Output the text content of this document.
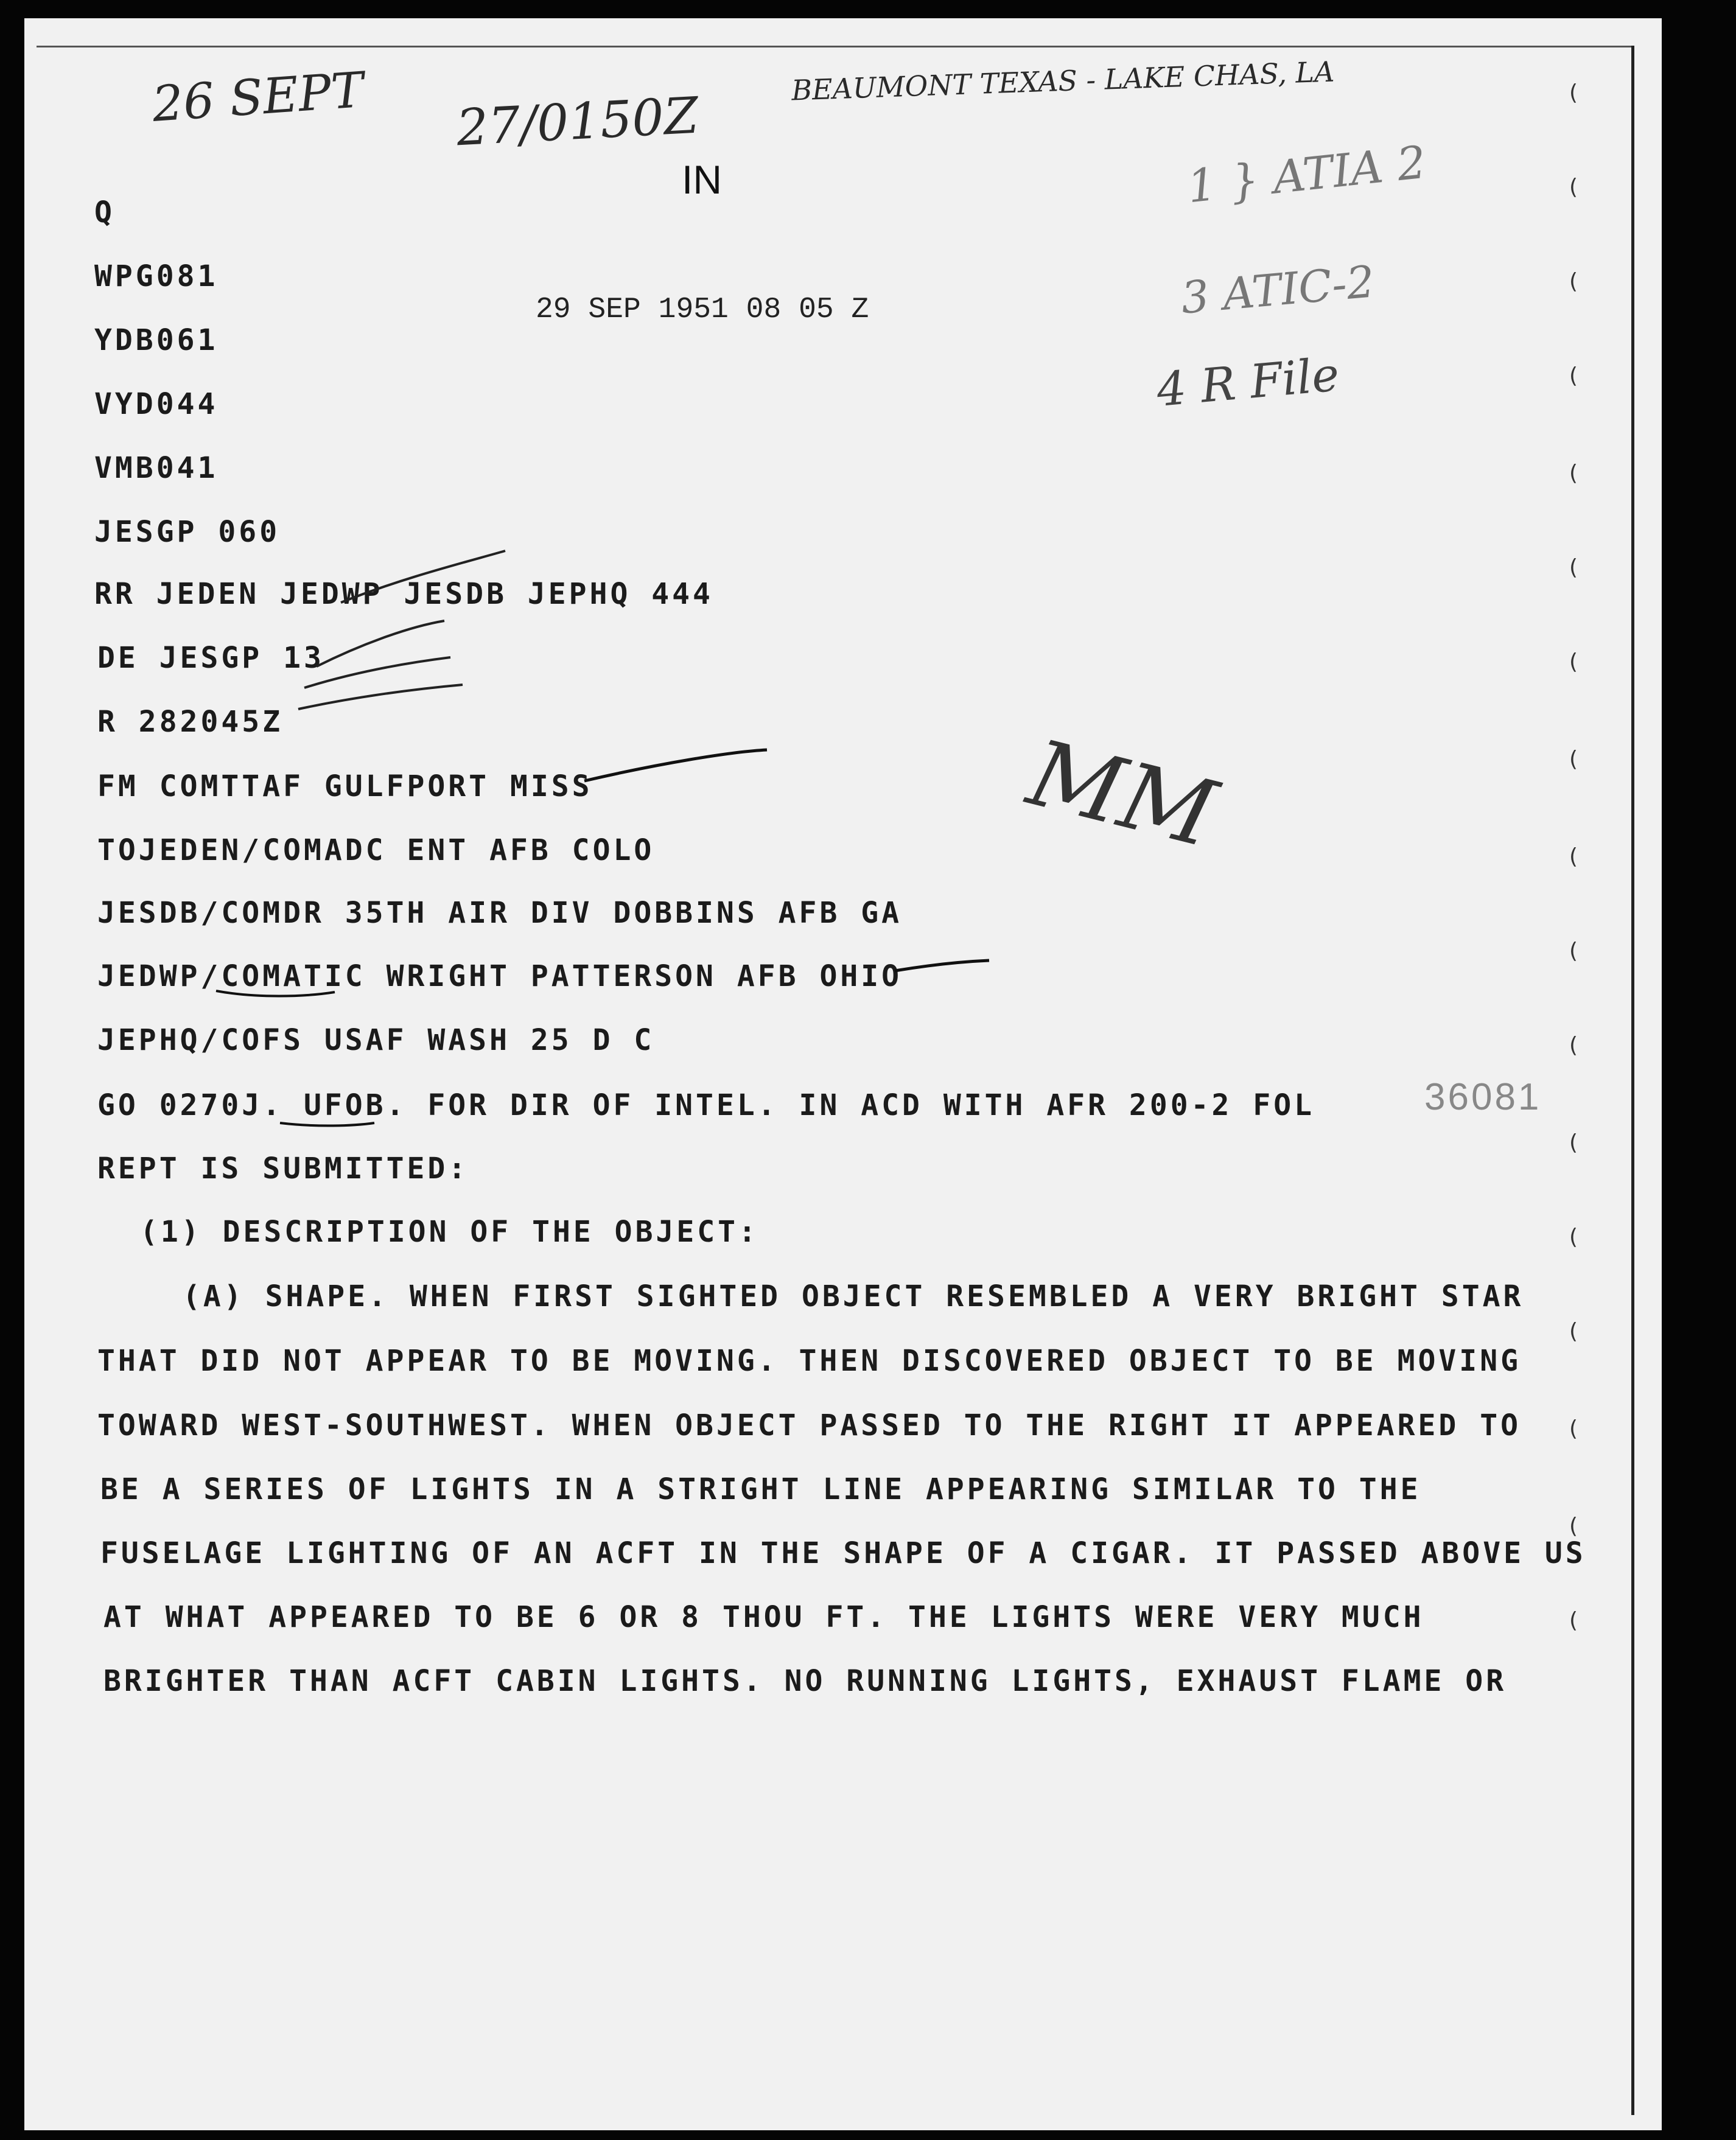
26 SEPT 27/0150Z
BEAUMONT TEXAS - LAKE CHAS, LA
1 } ATIA 2
3 ATIC-2
4 R File
MM
IN
29 SEP 1951 08 05 Z
36081
Q
WPG081
YDB061
VYD044
VMB041
JESGP 060
RR JEDEN JEDWP JESDB JEPHQ 444
DE JESGP 13
R 282045Z
FM COMTTAF GULFPORT MISS
TOJEDEN/COMADC ENT AFB COLO
JESDB/COMDR 35TH AIR DIV DOBBINS AFB GA
JEDWP/COMATIC WRIGHT PATTERSON AFB OHIO
JEPHQ/COFS USAF WASH 25 D C
GO 0270J. UFOB. FOR DIR OF INTEL. IN ACD WITH AFR 200-2 FOL
REPT IS SUBMITTED:
(1) DESCRIPTION OF THE OBJECT:
(A) SHAPE. WHEN FIRST SIGHTED OBJECT RESEMBLED A VERY BRIGHT STAR
THAT DID NOT APPEAR TO BE MOVING. THEN DISCOVERED OBJECT TO BE MOVING
TOWARD WEST-SOUTHWEST. WHEN OBJECT PASSED TO THE RIGHT IT APPEARED TO
BE A SERIES OF LIGHTS IN A STRIGHT LINE APPEARING SIMILAR TO THE
FUSELAGE LIGHTING OF AN ACFT IN THE SHAPE OF A CIGAR. IT PASSED ABOVE US
AT WHAT APPEARED TO BE 6 OR 8 THOU FT. THE LIGHTS WERE VERY MUCH
BRIGHTER THAN ACFT CABIN LIGHTS. NO RUNNING LIGHTS, EXHAUST FLAME OR
(
(
(
(
(
(
(
(
(
(
(
(
(
(
(
(
(
